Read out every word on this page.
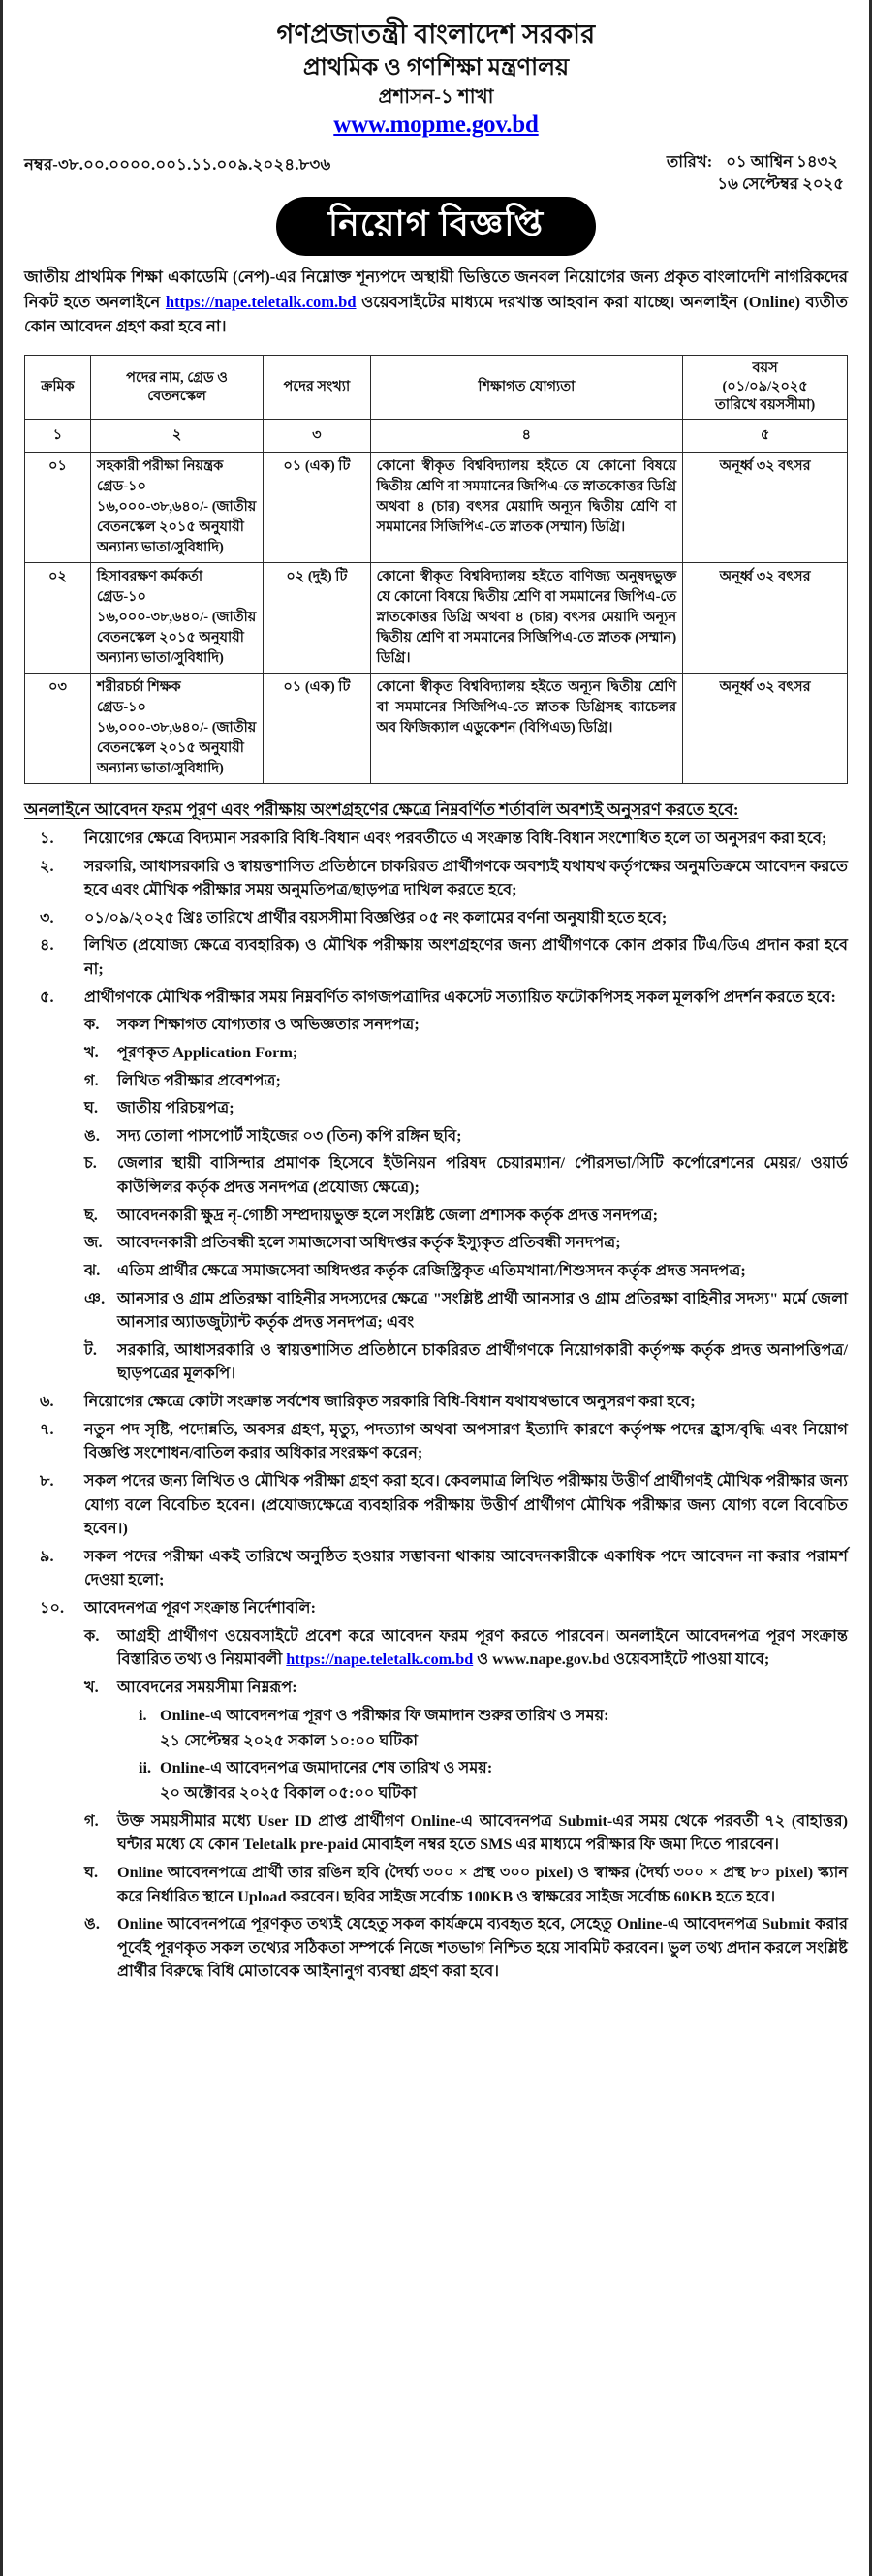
গণপ্রজাতন্ত্রী বাংলাদেশ সরকার
প্রাথমিক ও গণশিক্ষা মন্ত্রণালয়
প্রশাসন-১ শাখা
www.mopme.gov.bd
নম্বর-৩৮.০০.০০০০.০০১.১১.০০৯.২০২৪.৮৩৬	তারিখ: ০১ আশ্বিন ১৪৩২
১৬ সেপ্টেম্বর ২০২৫
নিয়োগ বিজ্ঞপ্তি

জাতীয় প্রাথমিক শিক্ষা একাডেমি (নেপ)-এর নিম্নোক্ত শূন্যপদে অস্থায়ী ভিত্তিতে জনবল নিয়োগের জন্য প্রকৃত বাংলাদেশি নাগরিকদের নিকট হতে অনলাইনে https://nape.teletalk.com.bd ওয়েবসাইটের মাধ্যমে দরখাস্ত আহবান করা যাচ্ছে। অনলাইন (Online) ব্যতীত কোন আবেদন গ্রহণ করা হবে না।

ক্রমিক	পদের নাম, গ্রেড ও বেতনস্কেল	পদের সংখ্যা	শিক্ষাগত যোগ্যতা	বয়স
(০১/০৯/২০২৫
তারিখে বয়সসীমা)

১	২	৩	৪	৫
০১	সহকারী পরীক্ষা নিয়ন্ত্রক
গ্রেড-১০
১৬,০০০-৩৮,৬৪০/- (জাতীয় বেতনস্কেল ২০১৫ অনুযায়ী অন্যান্য ভাতা/সুবিধাদি)	০১ (এক) টি	কোনো স্বীকৃত বিশ্ববিদ্যালয় হইতে যে কোনো বিষয়ে দ্বিতীয় শ্রেণি বা সমমানের জিপিএ-তে স্নাতকোত্তর ডিগ্রি অথবা ৪ (চার) বৎসর মেয়াদি অন্যূন দ্বিতীয় শ্রেণি বা সমমানের সিজিপিএ-তে স্নাতক (সম্মান) ডিগ্রি।	অনূর্ধ্ব ৩২ বৎসর
০২	হিসাবরক্ষণ কর্মকর্তা
গ্রেড-১০
১৬,০০০-৩৮,৬৪০/- (জাতীয় বেতনস্কেল ২০১৫ অনুযায়ী অন্যান্য ভাতা/সুবিধাদি)
	০২ (দুই) টি	কোনো স্বীকৃত বিশ্ববিদ্যালয় হইতে বাণিজ্য অনুষদভুক্ত যে কোনো বিষয়ে দ্বিতীয় শ্রেণি বা সমমানের জিপিএ-তে স্নাতকোত্তর ডিগ্রি অথবা ৪ (চার) বৎসর মেয়াদি অন্যূন দ্বিতীয় শ্রেণি বা সমমানের সিজিপিএ-তে স্নাতক (সম্মান) ডিগ্রি।	অনূর্ধ্ব ৩২ বৎসর
০৩	শরীরচর্চা শিক্ষক
গ্রেড-১০
১৬,০০০-৩৮,৬৪০/- (জাতীয় বেতনস্কেল ২০১৫ অনুযায়ী অন্যান্য ভাতা/সুবিধাদি)	০১ (এক) টি	কোনো স্বীকৃত বিশ্ববিদ্যালয় হইতে অন্যূন দ্বিতীয় শ্রেণি বা সমমানের সিজিপিএ-তে স্নাতক ডিগ্রিসহ ব্যাচেলর অব ফিজিক্যাল এডুকেশন (বিপিএড) ডিগ্রি।	অনূর্ধ্ব ৩২ বৎসর
অনলাইনে আবেদন ফরম পূরণ এবং পরীক্ষায় অংশগ্রহণের ক্ষেত্রে নিম্নবর্ণিত শর্তাবলি অবশ্যই অনুসরণ করতে হবে:
১.	নিয়োগের ক্ষেত্রে বিদ্যমান সরকারি বিধি-বিধান এবং পরবর্তীতে এ সংক্রান্ত বিধি-বিধান সংশোধিত হলে তা অনুসরণ করা হবে;
২.	সরকারি, আধাসরকারি ও স্বায়ত্তশাসিত প্রতিষ্ঠানে চাকরিরত প্রার্থীগণকে অবশ্যই যথাযথ কর্তৃপক্ষের অনুমতিক্রমে আবেদন করতে হবে এবং মৌখিক পরীক্ষার সময় অনুমতিপত্র/ছাড়পত্র দাখিল করতে হবে;
৩.	০১/০৯/২০২৫ খ্রিঃ তারিখে প্রার্থীর বয়সসীমা বিজ্ঞপ্তির ০৫ নং কলামের বর্ণনা অনুযায়ী হতে হবে;
৪.	লিখিত (প্রযোজ্য ক্ষেত্রে ব্যবহারিক) ও মৌখিক পরীক্ষায় অংশগ্রহণের জন্য প্রার্থীগণকে কোন প্রকার টিএ/ডিএ প্রদান করা হবে না;
৫.	প্রার্থীগণকে মৌখিক পরীক্ষার সময় নিম্নবর্ণিত কাগজপত্রাদির একসেট সত্যায়িত ফটোকপিসহ সকল মূলকপি প্রদর্শন করতে হবে:
ক.	সকল শিক্ষাগত যোগ্যতার ও অভিজ্ঞতার সনদপত্র;
খ.	পূরণকৃত Application Form;
গ.	লিখিত পরীক্ষার প্রবেশপত্র;
ঘ.	জাতীয় পরিচয়পত্র;
ঙ.	সদ্য তোলা পাসপোর্ট সাইজের ০৩ (তিন) কপি রঙ্গিন ছবি;
চ.	জেলার স্থায়ী বাসিন্দার প্রমাণক হিসেবে ইউনিয়ন পরিষদ চেয়ারম্যান/ পৌরসভা/সিটি কর্পোরেশনের মেয়র/ ওয়ার্ড কাউন্সিলর কর্তৃক প্রদত্ত সনদপত্র (প্রযোজ্য ক্ষেত্রে);
ছ.	আবেদনকারী ক্ষুদ্র নৃ-গোষ্ঠী সম্প্রদায়ভুক্ত হলে সংশ্লিষ্ট জেলা প্রশাসক কর্তৃক প্রদত্ত সনদপত্র;
জ. আবেদনকারী প্রতিবন্ধী হলে সমাজসেবা অধিদপ্তর কর্তৃক ইস্যুকৃত প্রতিবন্ধী সনদপত্র;
ঝ.	এতিম প্রার্থীর ক্ষেত্রে সমাজসেবা অধিদপ্তর কর্তৃক রেজিস্ট্রিকৃত এতিমখানা/শিশুসদন কর্তৃক প্রদত্ত সনদপত্র;
ঞ. আনসার ও গ্রাম প্রতিরক্ষা বাহিনীর সদস্যদের ক্ষেত্রে "সংশ্লিষ্ট প্রার্থী আনসার ও গ্রাম প্রতিরক্ষা বাহিনীর সদস্য" মর্মে জেলা আনসার অ্যাডজুট্যান্ট কর্তৃক প্রদত্ত সনদপত্র; এবং
ট.	সরকারি, আধাসরকারি ও স্বায়ত্তশাসিত প্রতিষ্ঠানে চাকরিরত প্রার্থীগণকে নিয়োগকারী কর্তৃপক্ষ কর্তৃক প্রদত্ত অনাপত্তিপত্র/ ছাড়পত্রের মূলকপি।
৬.	নিয়োগের ক্ষেত্রে কোটা সংক্রান্ত সর্বশেষ জারিকৃত সরকারি বিধি-বিধান যথাযথভাবে অনুসরণ করা হবে;
৭.	নতুন পদ সৃষ্টি, পদোন্নতি, অবসর গ্রহণ, মৃত্যু, পদত্যাগ অথবা অপসারণ ইত্যাদি কারণে কর্তৃপক্ষ পদের হ্রাস/বৃদ্ধি এবং নিয়োগ বিজ্ঞপ্তি সংশোধন/বাতিল করার অধিকার সংরক্ষণ করেন;
৮.	সকল পদের জন্য লিখিত ও মৌখিক পরীক্ষা গ্রহণ করা হবে। কেবলমাত্র লিখিত পরীক্ষায় উত্তীর্ণ প্রার্থীগণই মৌখিক পরীক্ষার জন্য যোগ্য বলে বিবেচিত হবেন। (প্রযোজ্যক্ষেত্রে ব্যবহারিক পরীক্ষায় উত্তীর্ণ প্রার্থীগণ মৌখিক পরীক্ষার জন্য যোগ্য বলে বিবেচিত হবেন।)
৯.	সকল পদের পরীক্ষা একই তারিখে অনুষ্ঠিত হওয়ার সম্ভাবনা থাকায় আবেদনকারীকে একাধিক পদে আবেদন না করার পরামর্শ দেওয়া হলো;
১০.	আবেদনপত্র পূরণ সংক্রান্ত নির্দেশাবলি:
ক.	আগ্রহী প্রার্থীগণ ওয়েবসাইটে প্রবেশ করে আবেদন ফরম পূরণ করতে পারবেন। অনলাইনে আবেদনপত্র পূরণ সংক্রান্ত বিস্তারিত তথ্য ও নিয়মাবলী https://nape.teletalk.com.bd ও www.nape.gov.bd ওয়েবসাইটে পাওয়া যাবে;
খ.	আবেদনের সময়সীমা নিম্নরূপ:
i. Online-এ আবেদনপত্র পূরণ ও পরীক্ষার ফি জমাদান শুরুর তারিখ ও সময়:
২১ সেপ্টেম্বর ২০২৫ সকাল ১০:০০ ঘটিকা
ii. Online-এ আবেদনপত্র জমাদানের শেষ তারিখ ও সময়:
২০ অক্টোবর ২০২৫ বিকাল ০৫:০০ ঘটিকা
গ.	উক্ত সময়সীমার মধ্যে User ID প্রাপ্ত প্রার্থীগণ Online-এ আবেদনপত্র Submit-এর সময় থেকে পরবর্তী ৭২ (বাহাত্তর) ঘন্টার মধ্যে যে কোন Teletalk pre-paid মোবাইল নম্বর হতে SMS এর মাধ্যমে পরীক্ষার ফি জমা দিতে পারবেন।
ঘ.	Online আবেদনপত্রে প্রার্থী তার রঙিন ছবি (দৈর্ঘ্য ৩০০ × প্রস্থ ৩০০ pixel) ও স্বাক্ষর (দৈর্ঘ্য ৩০০ × প্রস্থ ৮০ pixel) স্ক্যান করে নির্ধারিত স্থানে Upload করবেন। ছবির সাইজ সর্বোচ্চ 100KB ও স্বাক্ষরের সাইজ সর্বোচ্চ 60KB হতে হবে।
ঙ.	Online আবেদনপত্রে পূরণকৃত তথ্যই যেহেতু সকল কার্যক্রমে ব্যবহৃত হবে, সেহেতু Online-এ আবেদনপত্র Submit করার পূর্বেই পূরণকৃত সকল তথ্যের সঠিকতা সম্পর্কে নিজে শতভাগ নিশ্চিত হয়ে সাবমিট করবেন। ভুল তথ্য প্রদান করলে সংশ্লিষ্ট প্রার্থীর বিরুদ্ধে বিধি মোতাবেক আইনানুগ ব্যবস্থা গ্রহণ করা হবে।
